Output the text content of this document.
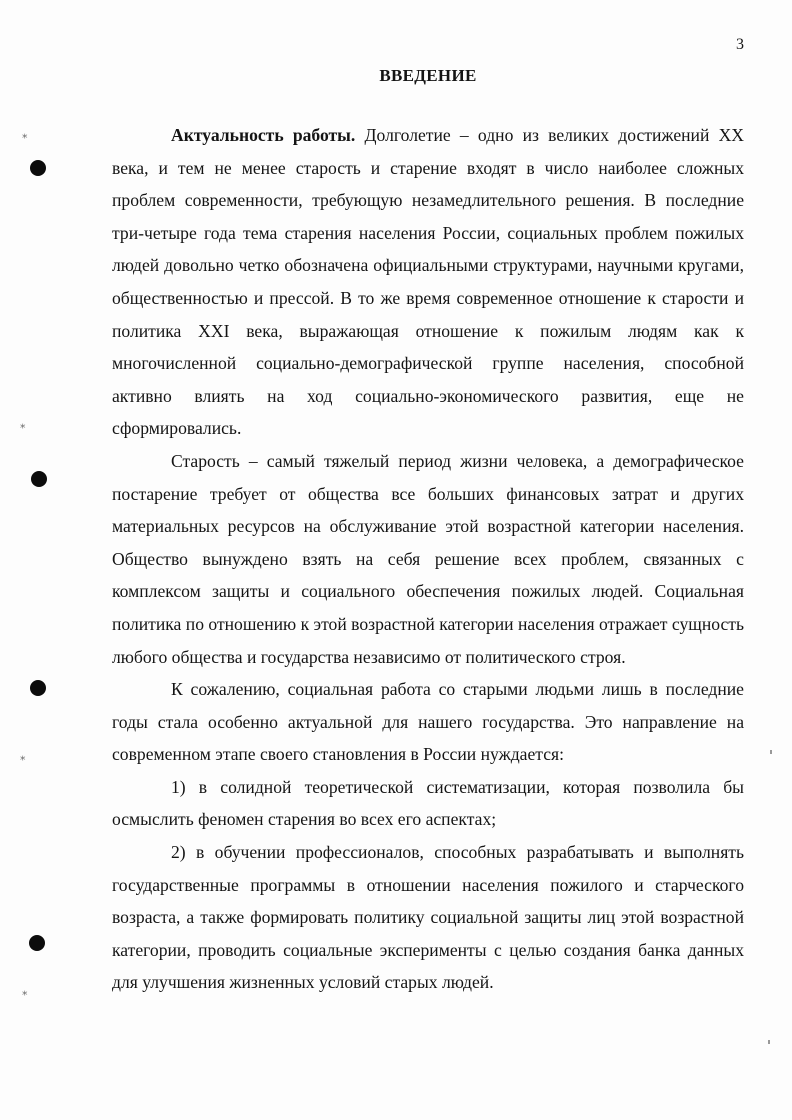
3
ВВЕДЕНИЕ

Актуальность работы. Долголетие – одно из великих достижений XX века, и тем не менее старость и старение входят в число наиболее сложных проблем современности, требующую незамедлительного решения. В последние три-четыре года тема старения населения России, социальных проблем пожилых людей довольно четко обозначена официальными структурами, научными кругами, общественностью и прессой. В то же время современное отношение к старости и политика XXI века, выражающая отношение к пожилым людям как к многочисленной социально-демографической группе населения, способной активно влиять на ход социально-экономического развития, еще не сформировались.

Старость – самый тяжелый период жизни человека, а демографическое постарение требует от общества все больших финансовых затрат и других материальных ресурсов на обслуживание этой возрастной категории населения. Общество вынуждено взять на себя решение всех проблем, связанных с комплексом защиты и социального обеспечения пожилых людей. Социальная политика по отношению к этой возрастной категории населения отражает сущность любого общества и государства независимо от политического строя.

К сожалению, социальная работа со старыми людьми лишь в последние годы стала особенно актуальной для нашего государства. Это направление на современном этапе своего становления в России нуждается:

1) в солидной теоретической систематизации, которая позволила бы осмыслить феномен старения во всех его аспектах;

2) в обучении профессионалов, способных разрабатывать и выполнять государственные программы в отношении населения пожилого и старческого возраста, а также формировать политику социальной защиты лиц этой возрастной категории, проводить социальные эксперименты с целью создания банка данных для улучшения жизненных условий старых людей.

⁎
⁎
⁎
⁎
